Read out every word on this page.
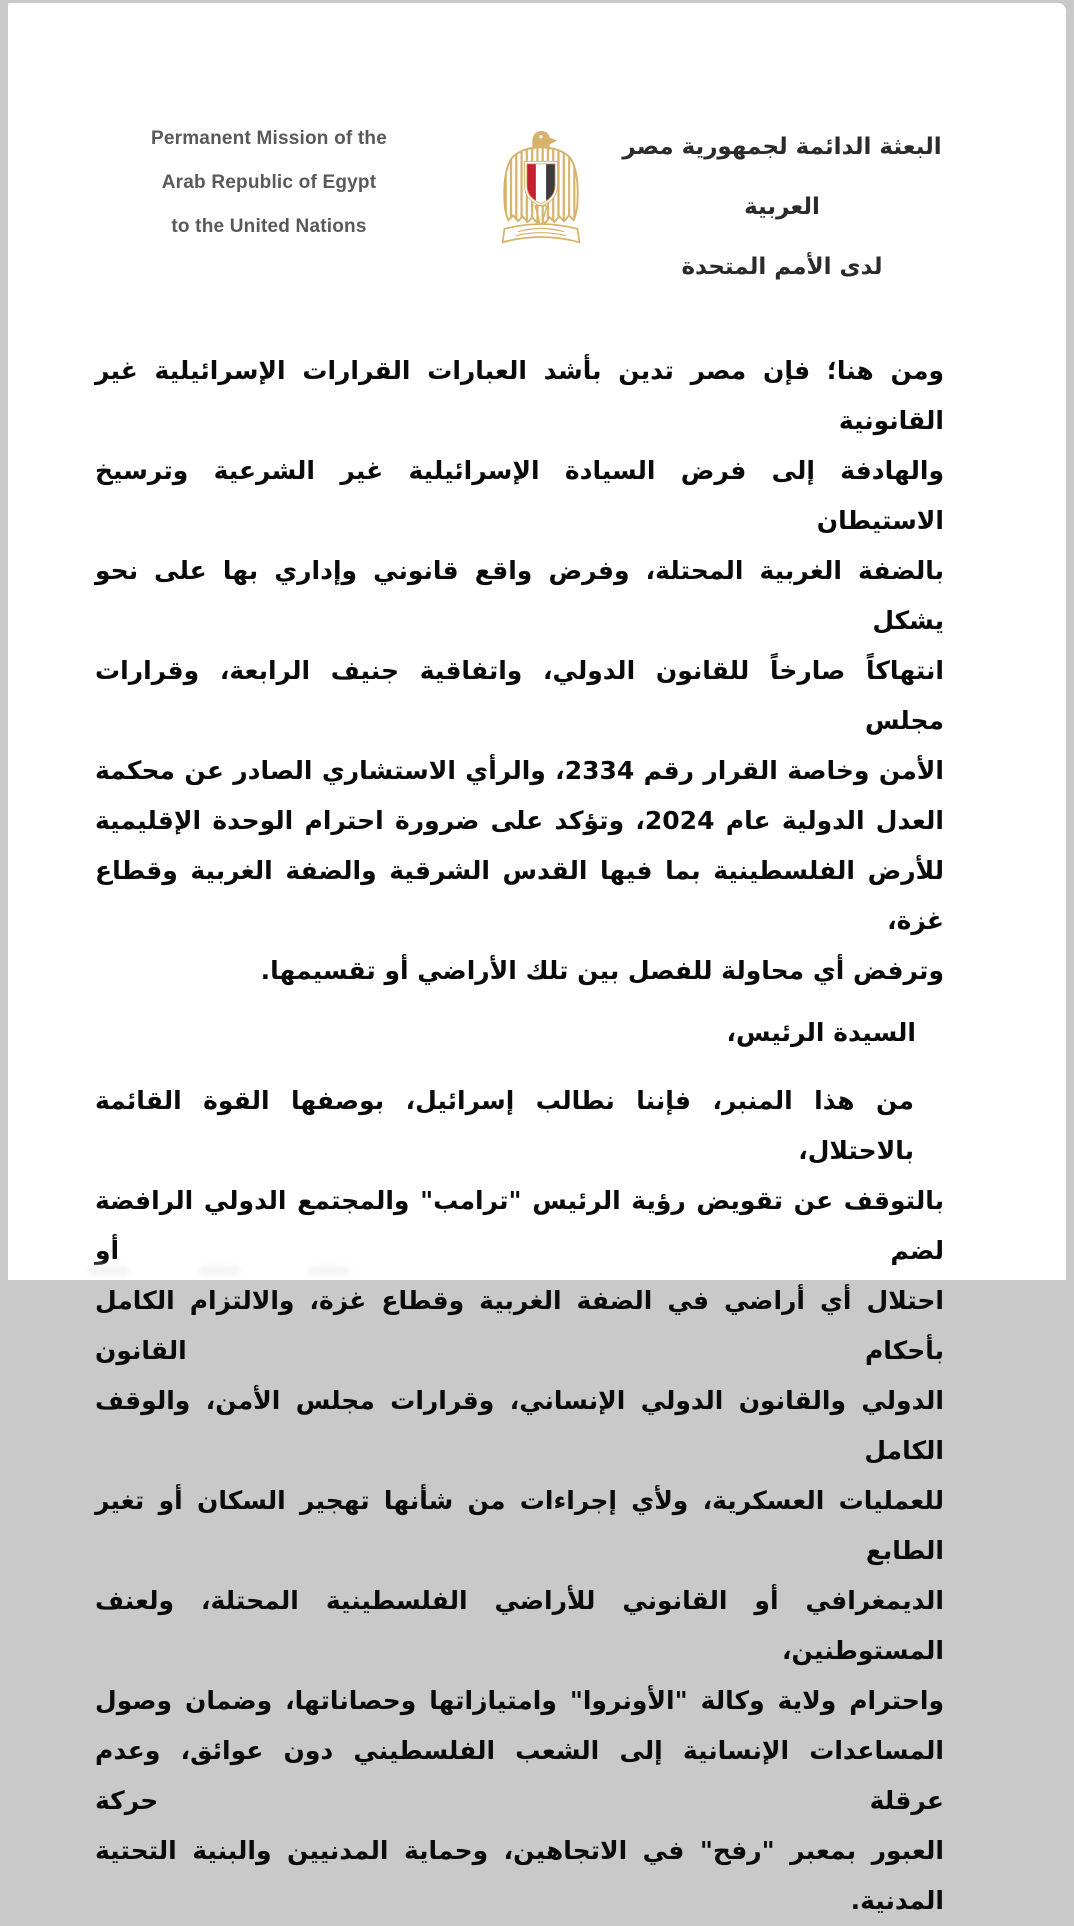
Permanent Mission of the
Arab Republic of Egypt
to the United Nations
البعثة الدائمة لجمهورية مصر العربية
لدى الأمم المتحدة
ومن هنا؛ فإن مصر تدين بأشد العبارات القرارات الإسرائيلية غير القانونية
والهادفة إلى فرض السيادة الإسرائيلية غير الشرعية وترسيخ الاستيطان
بالضفة الغربية المحتلة، وفرض واقع قانوني وإداري بها على نحو يشكل
انتهاكاً صارخاً للقانون الدولي، واتفاقية جنيف الرابعة، وقرارات مجلس
الأمن وخاصة القرار رقم 2334، والرأي الاستشاري الصادر عن محكمة
العدل الدولية عام 2024، وتؤكد على ضرورة احترام الوحدة الإقليمية
للأرض الفلسطينية بما فيها القدس الشرقية والضفة الغربية وقطاع غزة،
وترفض أي محاولة للفصل بين تلك الأراضي أو تقسيمها.
السيدة الرئيس،
من هذا المنبر، فإننا نطالب إسرائيل، بوصفها القوة القائمة بالاحتلال،
بالتوقف عن تقويض رؤية الرئيس "ترامب" والمجتمع الدولي الرافضة لضم أو
احتلال أي أراضي في الضفة الغربية وقطاع غزة، والالتزام الكامل بأحكام القانون
الدولي والقانون الدولي الإنساني، وقرارات مجلس الأمن، والوقف الكامل
للعمليات العسكرية، ولأي إجراءات من شأنها تهجير السكان أو تغير الطابع
الديمغرافي أو القانوني للأراضي الفلسطينية المحتلة، ولعنف المستوطنين،
واحترام ولاية وكالة "الأونروا" وامتيازاتها وحصاناتها، وضمان وصول
المساعدات الإنسانية إلى الشعب الفلسطيني دون عوائق، وعدم عرقلة حركة
العبور بمعبر "رفح" في الاتجاهين، وحماية المدنيين والبنية التحتية المدنية.
